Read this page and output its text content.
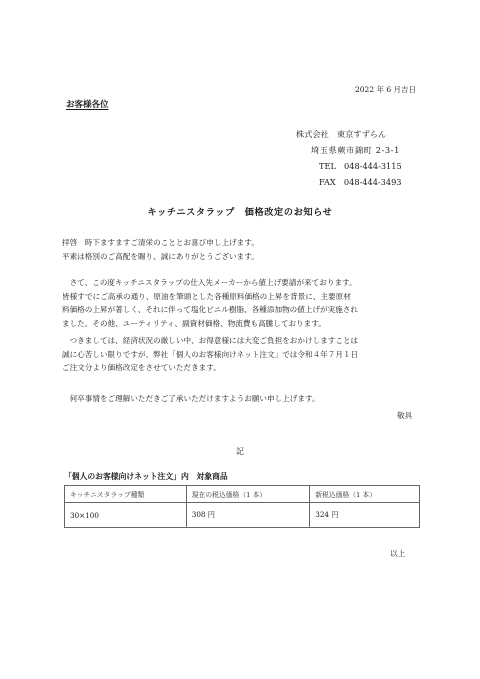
2022 年 6 月吉日
お客様各位
株式会社　東京すずらん
埼玉県蕨市錦町 2-3-1
TEL　048-444-3115
FAX　048-444-3493
キッチニスタラップ　価格改定のお知らせ
拝啓　時下ますますご清栄のこととお喜び申し上げます。
平素は格別のご高配を賜り、誠にありがとうございます。
　さて、この度キッチニスタラップの仕入先メーカーから値上げ要請が来ております。
皆様すでにご高承の通り、原油を筆頭とした各種原料価格の上昇を背景に、主要原材
料価格の上昇が著しく、それに伴って塩化ビニル樹脂、各種添加物の値上げが実施され
ました。その他、ユーティリティ、副資材価格、物流費も高騰しております。
　つきましては、経済状況の厳しい中、お得意様には大変ご負担をおかけしますことは
誠に心苦しい限りですが、弊社「個人のお客様向けネット注文」では令和４年７月１日
ご注文分より価格改定をさせていただきます。
　何卒事情をご理解いただきご了承いただけますようお願い申し上げます。
敬具
記
「個人のお客様向けネット注文」内　対象商品
キッチニスタラップ種類	現在の税込価格（1 本）	新税込価格（1 本）
30×100	308 円	324 円
以上
